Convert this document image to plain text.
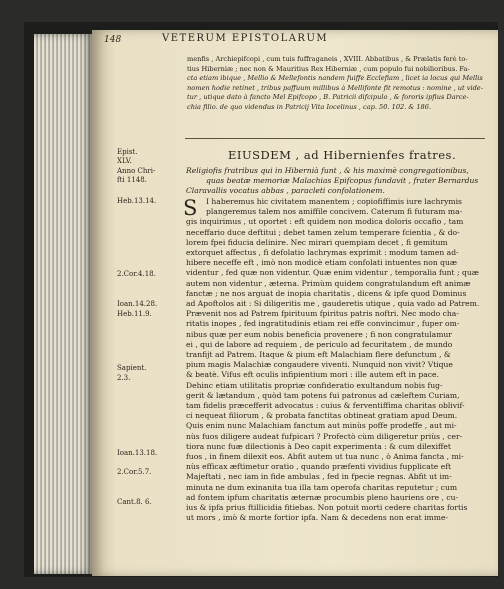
148	VETERUM EPISTOLARUM
menfis , Archiepifcopi , cum tuis fuffraganeis , XVIII. Abbatibus , & Prælatis ferè to-
tius Hiberniæ ; nec non & Mauritius Rex Hiberniæ , cum populo fui nobilioribus. Fa-
cta etiam ibique , Mellio & Mellefontis nandem fuiffe Ecclefiam , licet ia locus qui Mellis
nomen hodie retinet , tribus paffuum millibus à Mellifonte fit remotus : nomine , ut vide-
tur , utique dato à fancto Mel Epifcopo , B. Patricii difcipulo , & fororis ipfius Darce-
chia filio. de quo videndus in Patricij Vita Iocelinus , cap. 50. 102. & 186.
EIUSDEM , ad Hibernienfes fratres.
Epist.
XLV.
Anno Chri-
fti 1148.
Heb.13.14.
2.Cor.4.18.
Ioan.14.28.
Heb.11.9.
Sapient.
2.3.
Ioan.13.18.
2.Cor.5.7.
Cant.8. 6.
Religiofis fratribus qui in Hibernià funt , & his maximè congregationibus,
quas beatæ memoriæ Malachias Epifcopus fundavit , frater Bernardus
Claravallis vocatus abbas , paracleti confolationem.
S I haberemus hic civitatem manentem ; copiofiffimis iure lachrymis
plangeremus talem nos amiffile concivem. Caterum fi futuram ma-
gis inquirimus , ut oportet : eft quidem non modica doloris occafio , tam
neceffario duce deftitui ; debet tamen zelum temperare fcientia , & do-
lorem fpei fiducia delinire. Nec mirari quempiam decet , fi gemitum
extorquet affectus , fi defolatio lachrymas exprimit : modum tamen ad-
hibere neceffe eft , imò non modicè etiam confolati intuentes non quæ
videntur , fed quæ non videntur. Quæ enim videntur , temporalia funt ; quæ
autem non videntur , æterna. Primùm quidem congratulandum eft animæ
fanctæ ; ne nos arguat de inopia charitatis , dicens & ipfe quod Dominus
ad Apoftolos ait : Si diligeritis me , gauderetis utique , quia vado ad Patrem.
Prævenit nos ad Patrem fpirituum fpiritus patris noftri. Nec modo cha-
ritatis inopes , fed ingratitudinis etiam rei effe convincimur , fuper om-
nibus quæ per eum nobis beneficia provenere ; fi non congratulamur
ei , qui de labore ad requiem , de periculo ad fecuritatem , de mundo
tranfijt ad Patrem. Itaque & pium eft Malachiam flere defunctum , &
pium magis Malachiæ congaudere viventi. Nunquid non vivit? Vtique
& beatè. Vifus eft oculis infipientium mori : ille autem eft in pace.
Dehinc etiam utilitatis propriæ confideratio exultandum nobis fug-
gerit & lætandum , quòd tam potens fui patronus ad cæleftem Curiam,
tam fidelis præcefferit advocatus : cuius & ferventiffima charitas oblivif-
ci nequeat filiorum , & probata fanctitas obtineat gratiam apud Deum.
Quis enim nunc Malachiam fanctum aut minùs poffe prodeffe , aut mi-
nùs fuos diligere audeat fufpicari ? Profectò cùm diligeretur priùs , cer-
tiora nunc fuæ dilectionis à Deo capit experimenta : & cum dilexiffet
fuos , in finem dilexit eos. Abfit autem ut tua nunc , ò Anima fancta , mi-
nùs efficax æftimetur oratio , quando præfenti vividius fupplicate eft
Majeftati , nec iam in fide ambulas , fed in fpecie regnas. Abfit ut im-
minuta ne dum exinanita tua illa tam operofa charitas reputetur ; cum
ad fontem ipfum charitatis æternæ procumbis pleno hauriens ore , cu-
ius & ipfa prius ftillicidia fitiebas. Non potuit morti cedere charitas fortis
ut mors , imò & morte fortior ipfa. Nam & decedens non erat imme-
